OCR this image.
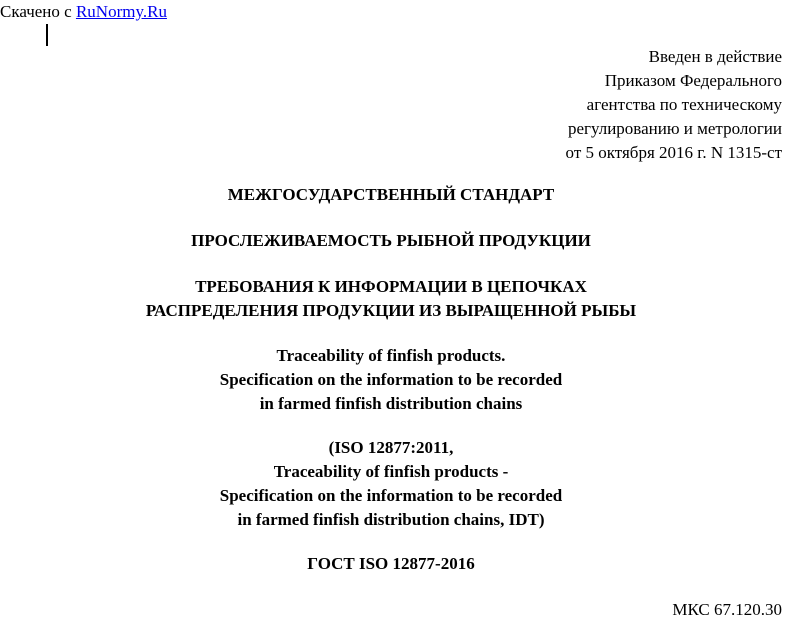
Скачено с RuNormy.Ru
Введен в действие
Приказом Федерального
агентства по техническому
регулированию и метрологии
от 5 октября 2016 г. N 1315-ст
МЕЖГОСУДАРСТВЕННЫЙ СТАНДАРТ
ПРОСЛЕЖИВАЕМОСТЬ РЫБНОЙ ПРОДУКЦИИ
ТРЕБОВАНИЯ К ИНФОРМАЦИИ В ЦЕПОЧКАХ
РАСПРЕДЕЛЕНИЯ ПРОДУКЦИИ ИЗ ВЫРАЩЕННОЙ РЫБЫ
Traceability of finfish products.
Specification on the information to be recorded
in farmed finfish distribution chains
(ISO 12877:2011,
Traceability of finfish products -
Specification on the information to be recorded
in farmed finfish distribution chains, IDT)
ГОСТ ISO 12877-2016
МКС 67.120.30
